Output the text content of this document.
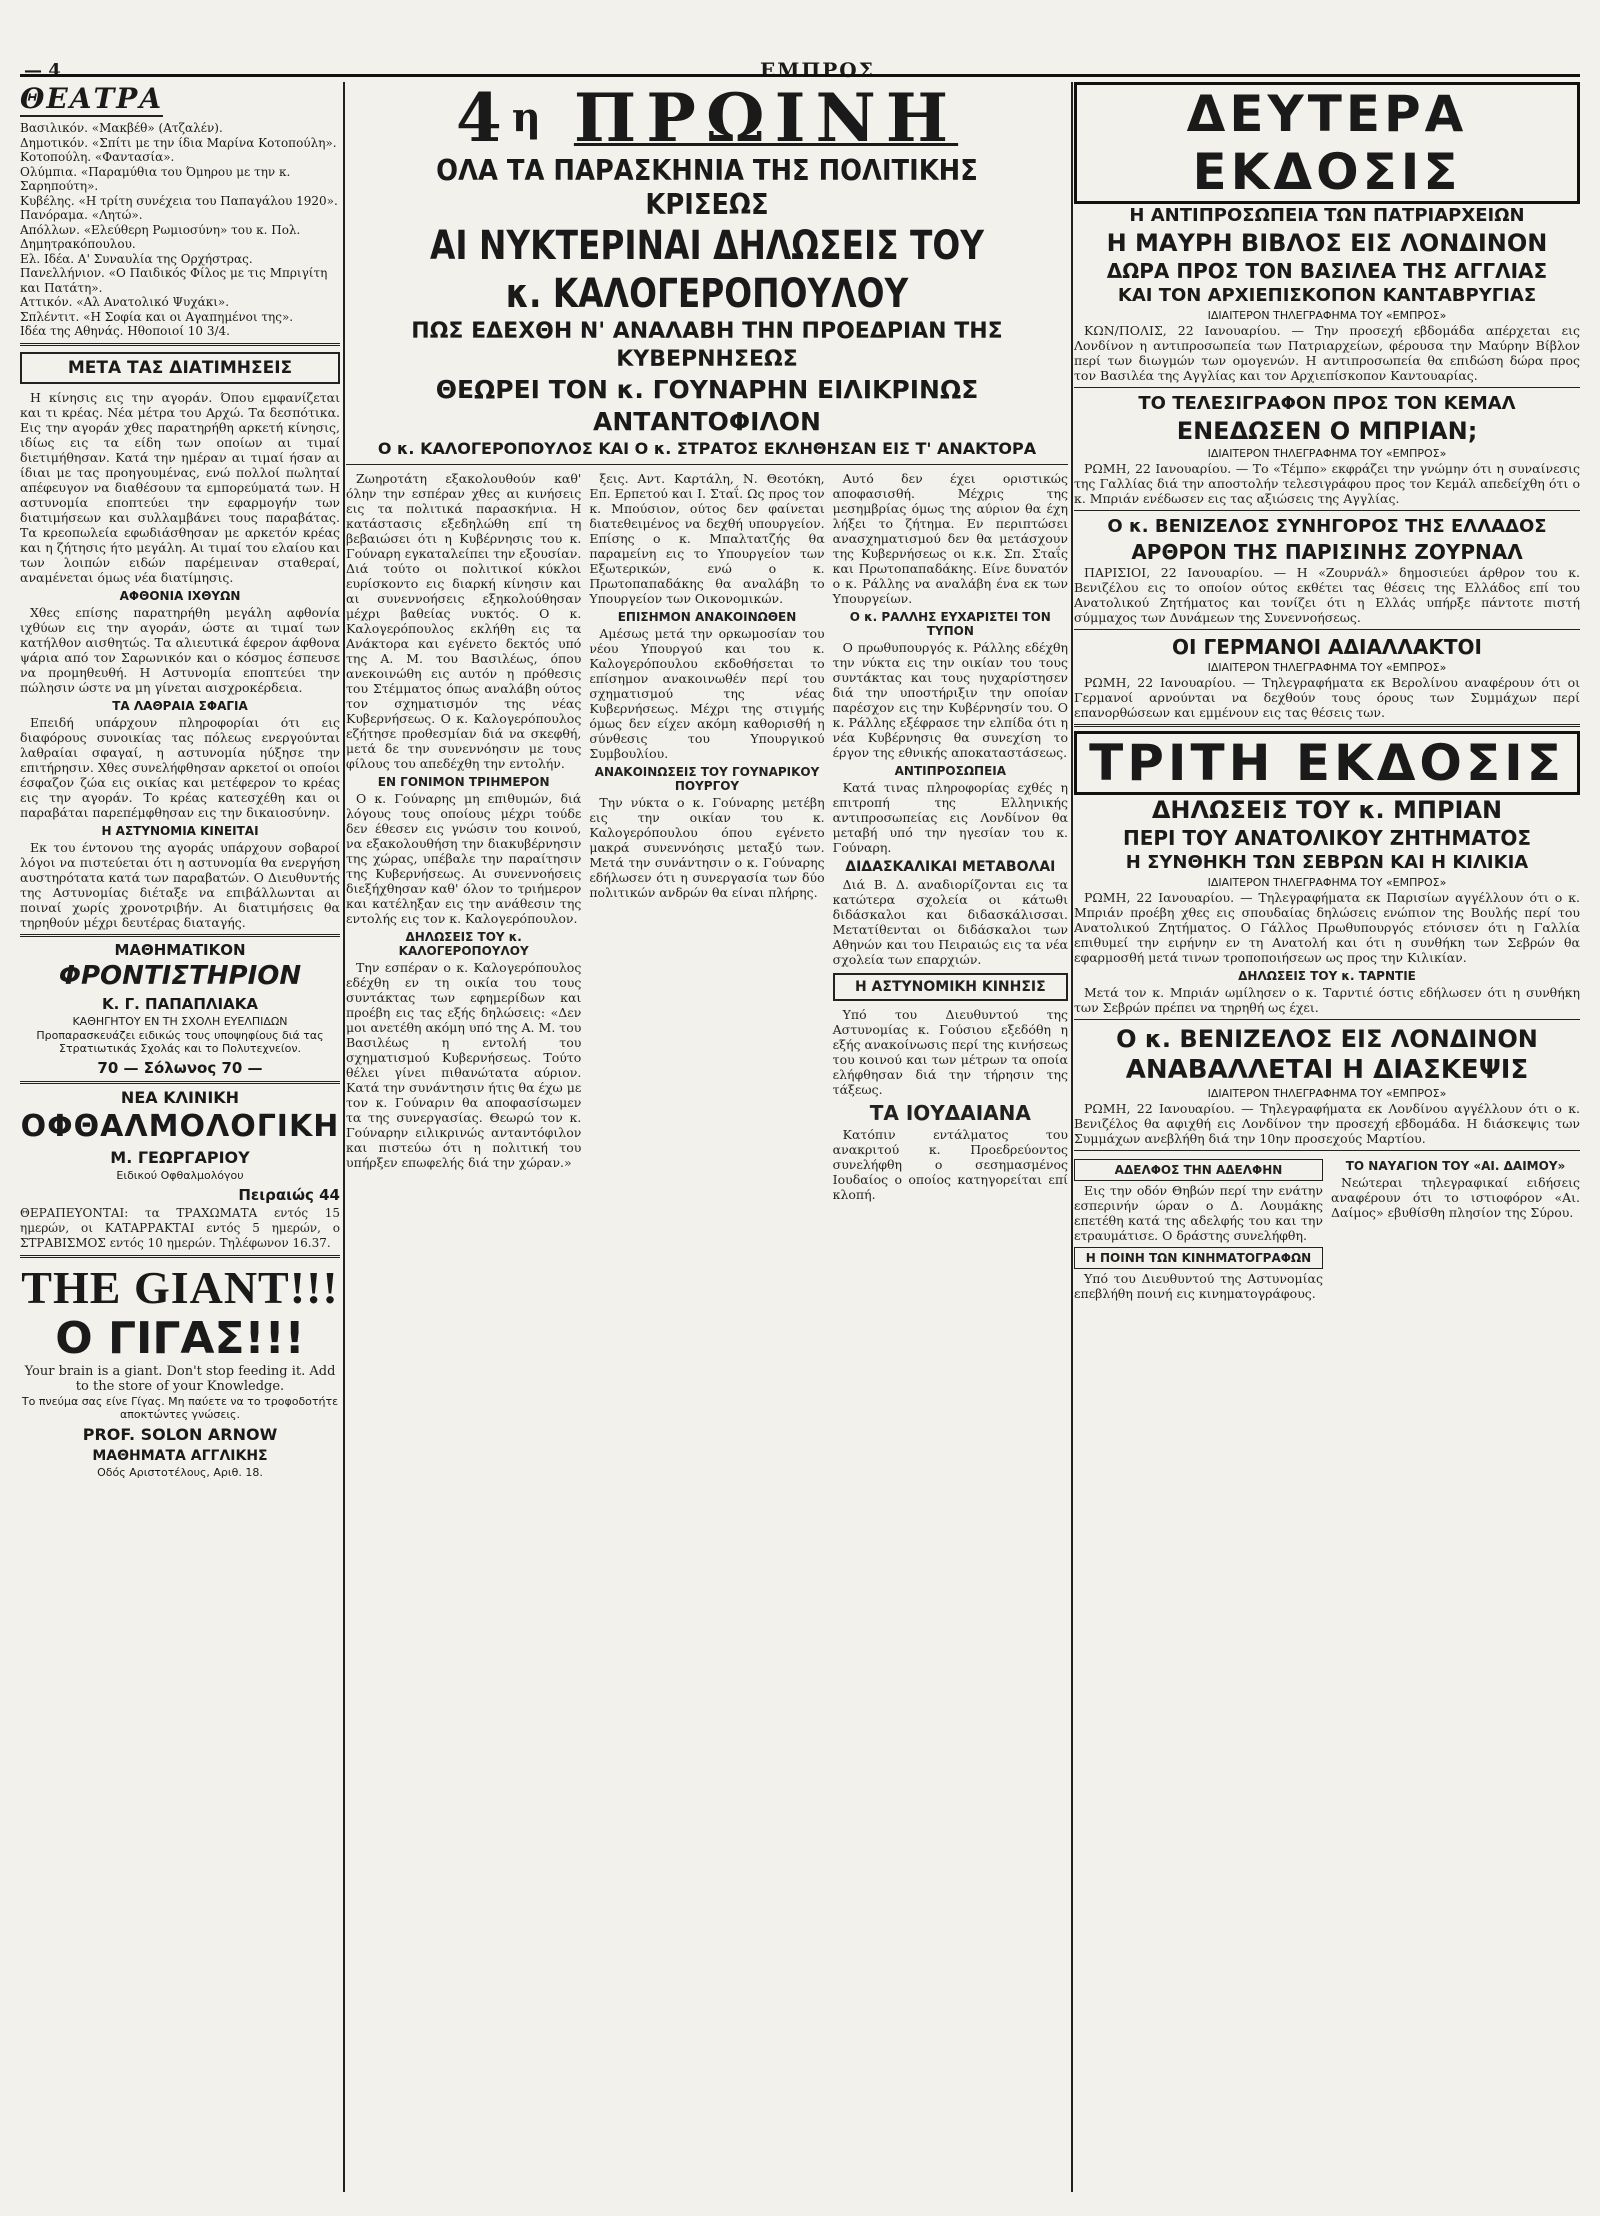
— 4	ΕΜΠΡΟΣ
ΘΕΑΤΡΑ
Βασιλικόν. «Μακβέθ» (Ατζαλέν).
Δημοτικόν. «Σπίτι με την ίδια Μαρίνα Κοτοπούλη».
Κοτοπούλη. «Φαντασία».
Ολύμπια. «Παραμύθια του Όμηρου με την κ. Σαρηπούτη».
Κυβέλης. «Η τρίτη συνέχεια του Παπαγάλου 1920».
Πανόραμα. «Λητώ».
Απόλλων. «Ελεύθερη Ρωμιοσύνη» του κ. Πολ. Δημητρακόπουλου.
Ελ. Ιδέα. Α' Συναυλία της Ορχήστρας.
Πανελλήνιον. «Ο Παιδικός Φίλος με τις Μπριγίτη και Πατάτη».
Αττικόν. «Αλ Ανατολικό Ψυχάκι».
Σπλέντιτ. «Η Σοφία και οι Αγαπημένοι της».
Ιδέα της Αθηνάς. Ηθοποιοί 10 3/4.
ΜΕΤΑ ΤΑΣ ΔΙΑΤΙΜΗΣΕΙΣ

Η κίνησις εις την αγοράν. Όπου εμφανίζεται και τι κρέας. Νέα μέτρα του Αρχώ. Τα δεσπότικα. Εις την αγοράν χθες παρατηρήθη αρκετή κίνησις, ιδίως εις τα είδη των οποίων αι τιμαί διετιμήθησαν. Κατά την ημέραν αι τιμαί ήσαν αι ίδιαι με τας προηγουμένας, ενώ πολλοί πωληταί απέφευγον να διαθέσουν τα εμπορεύματά των. Η αστυνομία εποπτεύει την εφαρμογήν των διατιμήσεων και συλλαμβάνει τους παραβάτας. Τα κρεοπωλεία εφωδιάσθησαν με αρκετόν κρέας και η ζήτησις ήτο μεγάλη. Αι τιμαί του ελαίου και των λοιπών ειδών παρέμειναν σταθεραί, αναμένεται όμως νέα διατίμησις.

ΑΦΘΟΝΙΑ ΙΧΘΥΩΝ

Χθες επίσης παρατηρήθη μεγάλη αφθονία ιχθύων εις την αγοράν, ώστε αι τιμαί των κατήλθον αισθητώς. Τα αλιευτικά έφερον άφθονα ψάρια από τον Σαρωνικόν και ο κόσμος έσπευσε να προμηθευθή. Η Αστυνομία εποπτεύει την πώλησιν ώστε να μη γίνεται αισχροκέρδεια.

ΤΑ ΛΑΘΡΑΙΑ ΣΦΑΓΙΑ

Επειδή υπάρχουν πληροφορίαι ότι εις διαφόρους συνοικίας τας πόλεως ενεργούνται λαθραίαι σφαγαί, η αστυνομία ηύξησε την επιτήρησιν. Χθες συνελήφθησαν αρκετοί οι οποίοι έσφαζον ζώα εις οικίας και μετέφερον το κρέας εις την αγοράν. Το κρέας κατεσχέθη και οι παραβάται παρεπέμφθησαν εις την δικαιοσύνην.

Η ΑΣΤΥΝΟΜΙΑ ΚΙΝΕΙΤΑΙ

Εκ του έντονου της αγοράς υπάρχουν σοβαροί λόγοι να πιστεύεται ότι η αστυνομία θα ενεργήση αυστηρότατα κατά των παραβατών. Ο Διευθυντής της Αστυνομίας διέταξε να επιβάλλωνται αι ποιναί χωρίς χρονοτριβήν. Αι διατιμήσεις θα τηρηθούν μέχρι δευτέρας διαταγής.

ΜΑΘΗΜΑΤΙΚΟΝ
ΦΡΟΝΤΙΣΤΗΡΙΟΝ
Κ. Γ. ΠΑΠΑΠΛΙΑΚΑ
ΚΑΘΗΓΗΤΟΥ ΕΝ ΤΗ ΣΧΟΛΗ ΕΥΕΛΠΙΔΩΝ
Προπαρασκευάζει ειδικώς τους υποψηφίους διά τας Στρατιωτικάς Σχολάς και το Πολυτεχνείον.
70 — Σόλωνος 70 —
ΝΕΑ ΚΛΙΝΙΚΗ
ΟΦΘΑΛΜΟΛΟΓΙΚΗ
Μ. ΓΕΩΡΓΑΡΙΟΥ
Ειδικού Οφθαλμολόγου
Πειραιώς 44
ΘΕΡΑΠΕΥΟΝΤΑΙ: τα ΤΡΑΧΩΜΑΤΑ εντός 15 ημερών, οι ΚΑΤΑΡΡΑΚΤΑΙ εντός 5 ημερών, ο ΣΤΡΑΒΙΣΜΟΣ εντός 10 ημερών. Τηλέφωνον 16.37.
THE GIANT!!!
Ο ΓΙΓΑΣ!!!
Your brain is a giant. Don't stop feeding it. Add to the store of your Knowledge.
Το πνεύμα σας είνε Γίγας. Μη παύετε να το τροφοδοτήτε αποκτώντες γνώσεις.
PROF. SOLON ARNOW
ΜΑΘΗΜΑΤΑ ΑΓΓΛΙΚΗΣ
Οδός Αριστοτέλους, Αριθ. 18.
$4^\eta$ ΠΡΩΙΝΗ
ΟΛΑ ΤΑ ΠΑΡΑΣΚΗΝΙΑ ΤΗΣ ΠΟΛΙΤΙΚΗΣ ΚΡΙΣΕΩΣ
ΑΙ ΝΥΚΤΕΡΙΝΑΙ ΔΗΛΩΣΕΙΣ ΤΟΥ κ. ΚΑΛΟΓΕΡΟΠΟΥΛΟΥ
ΠΩΣ ΕΔΕΧΘΗ Ν' ΑΝΑΛΑΒΗ ΤΗΝ ΠΡΟΕΔΡΙΑΝ ΤΗΣ ΚΥΒΕΡΝΗΣΕΩΣ
ΘΕΩΡΕΙ ΤΟΝ κ. ΓΟΥΝΑΡΗΝ ΕΙΛΙΚΡΙΝΩΣ ΑΝΤΑΝΤΟΦΙΛΟΝ
Ο κ. ΚΑΛΟΓΕΡΟΠΟΥΛΟΣ ΚΑΙ Ο κ. ΣΤΡΑΤΟΣ ΕΚΛΗΘΗΣΑΝ ΕΙΣ Τ' ΑΝΑΚΤΟΡΑ

Ζωηροτάτη εξακολουθούν καθ' όλην την εσπέραν χθες αι κινήσεις εις τα πολιτικά παρασκήνια. Η κατάστασις εξεδηλώθη επί τη βεβαιώσει ότι η Κυβέρνησις του κ. Γούναρη εγκαταλείπει την εξουσίαν. Διά τούτο οι πολιτικοί κύκλοι ευρίσκοντο εις διαρκή κίνησιν και αι συνεννοήσεις εξηκολούθησαν μέχρι βαθείας νυκτός. Ο κ. Καλογερόπουλος εκλήθη εις τα Ανάκτορα και εγένετο δεκτός υπό της Α. Μ. του Βασιλέως, όπου ανεκοινώθη εις αυτόν η πρόθεσις του Στέμματος όπως αναλάβη ούτος τον σχηματισμόν της νέας Κυβερνήσεως. Ο κ. Καλογερόπουλος εζήτησε προθεσμίαν διά να σκεφθή, μετά δε την συνεννόησιν με τους φίλους του απεδέχθη την εντολήν.

ΕΝ ΓΟΝΙΜΟΝ ΤΡΙΗΜΕΡΟΝ

Ο κ. Γούναρης μη επιθυμών, διά λόγους τους οποίους μέχρι τούδε δεν έθεσεν εις γνώσιν του κοινού, να εξακολουθήση την διακυβέρνησιν της χώρας, υπέβαλε την παραίτησιν της Κυβερνήσεως. Αι συνεννοήσεις διεξήχθησαν καθ' όλον το τριήμερον και κατέληξαν εις την ανάθεσιν της εντολής εις τον κ. Καλογερόπουλον.

ΔΗΛΩΣΕΙΣ ΤΟΥ κ. ΚΑΛΟΓΕΡΟΠΟΥΛΟΥ

Την εσπέραν ο κ. Καλογερόπουλος εδέχθη εν τη οικία του τους συντάκτας των εφημερίδων και προέβη εις τας εξής δηλώσεις: «Δεν μοι ανετέθη ακόμη υπό της Α. Μ. του Βασιλέως η εντολή του σχηματισμού Κυβερνήσεως. Τούτο θέλει γίνει πιθανώτατα αύριον. Κατά την συνάντησιν ήτις θα έχω με τον κ. Γούναριν θα αποφασίσωμεν τα της συνεργασίας. Θεωρώ τον κ. Γούναρην ειλικρινώς ανταντόφιλον και πιστεύω ότι η πολιτική του υπήρξεν επωφελής διά την χώραν.»

ξεις. Αντ. Καρτάλη, Ν. Θεοτόκη, Επ. Ερπετού και Ι. Σταΐ. Ως προς τον κ. Μπούσιον, ούτος δεν φαίνεται διατεθειμένος να δεχθή υπουργείον. Επίσης ο κ. Μπαλτατζής θα παραμείνη εις το Υπουργείον των Εξωτερικών, ενώ ο κ. Πρωτοπαπαδάκης θα αναλάβη το Υπουργείον των Οικονομικών.

ΕΠΙΣΗΜΟΝ ΑΝΑΚΟΙΝΩΘΕΝ

Αμέσως μετά την ορκωμοσίαν του νέου Υπουργού και του κ. Καλογερόπουλου εκδοθήσεται το επίσημον ανακοινωθέν περί του σχηματισμού της νέας Κυβερνήσεως. Μέχρι της στιγμής όμως δεν είχεν ακόμη καθορισθή η σύνθεσις του Υπουργικού Συμβουλίου.

ΑΝΑΚΟΙΝΩΣΕΙΣ ΤΟΥ ΓΟΥΝΑΡΙΚΟΥ ΠΟΥΡΓΟΥ

Την νύκτα ο κ. Γούναρης μετέβη εις την οικίαν του κ. Καλογερόπουλου όπου εγένετο μακρά συνεννόησις μεταξύ των. Μετά την συνάντησιν ο κ. Γούναρης εδήλωσεν ότι η συνεργασία των δύο πολιτικών ανδρών θα είναι πλήρης.

Αυτό δεν έχει οριστικώς αποφασισθή. Μέχρις της μεσημβρίας όμως της αύριον θα έχη λήξει το ζήτημα. Εν περιπτώσει ανασχηματισμού δεν θα μετάσχουν της Κυβερνήσεως οι κ.κ. Σπ. Σταΐς και Πρωτοπαπαδάκης. Είνε δυνατόν ο κ. Ράλλης να αναλάβη ένα εκ των Υπουργείων.

Ο κ. ΡΑΛΛΗΣ ΕΥΧΑΡΙΣΤΕΙ ΤΟΝ ΤΥΠΟΝ

Ο πρωθυπουργός κ. Ράλλης εδέχθη την νύκτα εις την οικίαν του τους συντάκτας και τους ηυχαρίστησεν διά την υποστήριξιν την οποίαν παρέσχον εις την Κυβέρνησίν του. Ο κ. Ράλλης εξέφρασε την ελπίδα ότι η νέα Κυβέρνησις θα συνεχίση το έργον της εθνικής αποκαταστάσεως.

ΑΝΤΙΠΡΟΣΩΠΕΙΑ

Κατά τινας πληροφορίας εχθές η επιτροπή της Ελληνικής αντιπροσωπείας εις Λονδίνον θα μεταβή υπό την ηγεσίαν του κ. Γούναρη.

ΔΙΔΑΣΚΑΛΙΚΑΙ ΜΕΤΑΒΟΛΑΙ

Διά Β. Δ. αναδιορίζονται εις τα κατώτερα σχολεία οι κάτωθι διδάσκαλοι και διδασκάλισσαι. Μετατίθενται οι διδάσκαλοι των Αθηνών και του Πειραιώς εις τα νέα σχολεία των επαρχιών.

Η ΑΣΤΥΝΟΜΙΚΗ ΚΙΝΗΣΙΣ

Υπό του Διευθυντού της Αστυνομίας κ. Γούσιου εξεδόθη η εξής ανακοίνωσις περί της κινήσεως του κοινού και των μέτρων τα οποία ελήφθησαν διά την τήρησιν της τάξεως.

ΤΑ ΙΟΥΔΑΙΑΝΑ

Κατόπιν εντάλματος του ανακριτού κ. Προεδρεύοντος συνελήφθη ο σεσημασμένος Ιουδαίος ο οποίος κατηγορείται επί κλοπή.

ΔΕΥΤΕΡΑ ΕΚΔΟΣΙΣ
Η ΑΝΤΙΠΡΟΣΩΠΕΙΑ ΤΩΝ ΠΑΤΡΙΑΡΧΕΙΩΝ
Η ΜΑΥΡΗ ΒΙΒΛΟΣ ΕΙΣ ΛΟΝΔΙΝΟΝ
ΔΩΡΑ ΠΡΟΣ ΤΟΝ ΒΑΣΙΛΕΑ ΤΗΣ ΑΓΓΛΙΑΣ
ΚΑΙ ΤΟΝ ΑΡΧΙΕΠΙΣΚΟΠΟΝ ΚΑΝΤΑΒΡΥΓΙΑΣ
ΙΔΙΑΙΤΕΡΟΝ ΤΗΛΕΓΡΑΦΗΜΑ ΤΟΥ «ΕΜΠΡΟΣ»

ΚΩΝ/ΠΟΛΙΣ, 22 Ιανουαρίου. — Την προσεχή εβδομάδα απέρχεται εις Λονδίνον η αντιπροσωπεία των Πατριαρχείων, φέρουσα την Μαύρην Βίβλον περί των διωγμών των ομογενών. Η αντιπροσωπεία θα επιδώση δώρα προς τον Βασιλέα της Αγγλίας και τον Αρχιεπίσκοπον Καντουαρίας.

ΤΟ ΤΕΛΕΣΙΓΡΑΦΟΝ ΠΡΟΣ ΤΟΝ ΚΕΜΑΛ
ΕΝΕΔΩΣΕΝ Ο ΜΠΡΙΑΝ;
ΙΔΙΑΙΤΕΡΟΝ ΤΗΛΕΓΡΑΦΗΜΑ ΤΟΥ «ΕΜΠΡΟΣ»

ΡΩΜΗ, 22 Ιανουαρίου. — Το «Τέμπο» εκφράζει την γνώμην ότι η συναίνεσις της Γαλλίας διά την αποστολήν τελεσιγράφου προς τον Κεμάλ απεδείχθη ότι ο κ. Μπριάν ενέδωσεν εις τας αξιώσεις της Αγγλίας.

Ο κ. ΒΕΝΙΖΕΛΟΣ ΣΥΝΗΓΟΡΟΣ ΤΗΣ ΕΛΛΑΔΟΣ
ΑΡΘΡΟΝ ΤΗΣ ΠΑΡΙΣΙΝΗΣ ΖΟΥΡΝΑΛ

ΠΑΡΙΣΙΟΙ, 22 Ιανουαρίου. — Η «Ζουρνάλ» δημοσιεύει άρθρον του κ. Βενιζέλου εις το οποίον ούτος εκθέτει τας θέσεις της Ελλάδος επί του Ανατολικού Ζητήματος και τονίζει ότι η Ελλάς υπήρξε πάντοτε πιστή σύμμαχος των Δυνάμεων της Συνεννοήσεως.

ΟΙ ΓΕΡΜΑΝΟΙ ΑΔΙΑΛΛΑΚΤΟΙ
ΙΔΙΑΙΤΕΡΟΝ ΤΗΛΕΓΡΑΦΗΜΑ ΤΟΥ «ΕΜΠΡΟΣ»

ΡΩΜΗ, 22 Ιανουαρίου. — Τηλεγραφήματα εκ Βερολίνου αναφέρουν ότι οι Γερμανοί αρνούνται να δεχθούν τους όρους των Συμμάχων περί επανορθώσεων και εμμένουν εις τας θέσεις των.

ΤΡΙΤΗ ΕΚΔΟΣΙΣ
ΔΗΛΩΣΕΙΣ ΤΟΥ κ. ΜΠΡΙΑΝ
ΠΕΡΙ ΤΟΥ ΑΝΑΤΟΛΙΚΟΥ ΖΗΤΗΜΑΤΟΣ
Η ΣΥΝΘΗΚΗ ΤΩΝ ΣΕΒΡΩΝ ΚΑΙ Η ΚΙΛΙΚΙΑ
ΙΔΙΑΙΤΕΡΟΝ ΤΗΛΕΓΡΑΦΗΜΑ ΤΟΥ «ΕΜΠΡΟΣ»

ΡΩΜΗ, 22 Ιανουαρίου. — Τηλεγραφήματα εκ Παρισίων αγγέλλουν ότι ο κ. Μπριάν προέβη χθες εις σπουδαίας δηλώσεις ενώπιον της Βουλής περί του Ανατολικού Ζητήματος. Ο Γάλλος Πρωθυπουργός ετόνισεν ότι η Γαλλία επιθυμεί την ειρήνην εν τη Ανατολή και ότι η συνθήκη των Σεβρών θα εφαρμοσθή μετά τινων τροποποιήσεων ως προς την Κιλικίαν.

ΔΗΛΩΣΕΙΣ ΤΟΥ κ. ΤΑΡΝΤΙΕ

Μετά τον κ. Μπριάν ωμίλησεν ο κ. Ταρντιέ όστις εδήλωσεν ότι η συνθήκη των Σεβρών πρέπει να τηρηθή ως έχει.

Ο κ. ΒΕΝΙΖΕΛΟΣ ΕΙΣ ΛΟΝΔΙΝΟΝ
ΑΝΑΒΑΛΛΕΤΑΙ Η ΔΙΑΣΚΕΨΙΣ
ΙΔΙΑΙΤΕΡΟΝ ΤΗΛΕΓΡΑΦΗΜΑ ΤΟΥ «ΕΜΠΡΟΣ»

ΡΩΜΗ, 22 Ιανουαρίου. — Τηλεγραφήματα εκ Λονδίνου αγγέλλουν ότι ο κ. Βενιζέλος θα αφιχθή εις Λονδίνον την προσεχή εβδομάδα. Η διάσκεψις των Συμμάχων ανεβλήθη διά την 10ην προσεχούς Μαρτίου.

ΑΔΕΛΦΟΣ ΤΗΝ ΑΔΕΛΦΗΝ

Εις την οδόν Θηβών περί την ενάτην εσπερινήν ώραν ο Δ. Λουμάκης επετέθη κατά της αδελφής του και την ετραυμάτισε. Ο δράστης συνελήφθη.

Η ΠΟΙΝΗ ΤΩΝ ΚΙΝΗΜΑΤΟΓΡΑΦΩΝ

Υπό του Διευθυντού της Αστυνομίας επεβλήθη ποινή εις κινηματογράφους.

ΤΟ ΝΑΥΑΓΙΟΝ ΤΟΥ «ΑΙ. ΔΑΙΜΟΥ»

Νεώτεραι τηλεγραφικαί ειδήσεις αναφέρουν ότι το ιστιοφόρον «Αι. Δαίμος» εβυθίσθη πλησίον της Σύρου.
